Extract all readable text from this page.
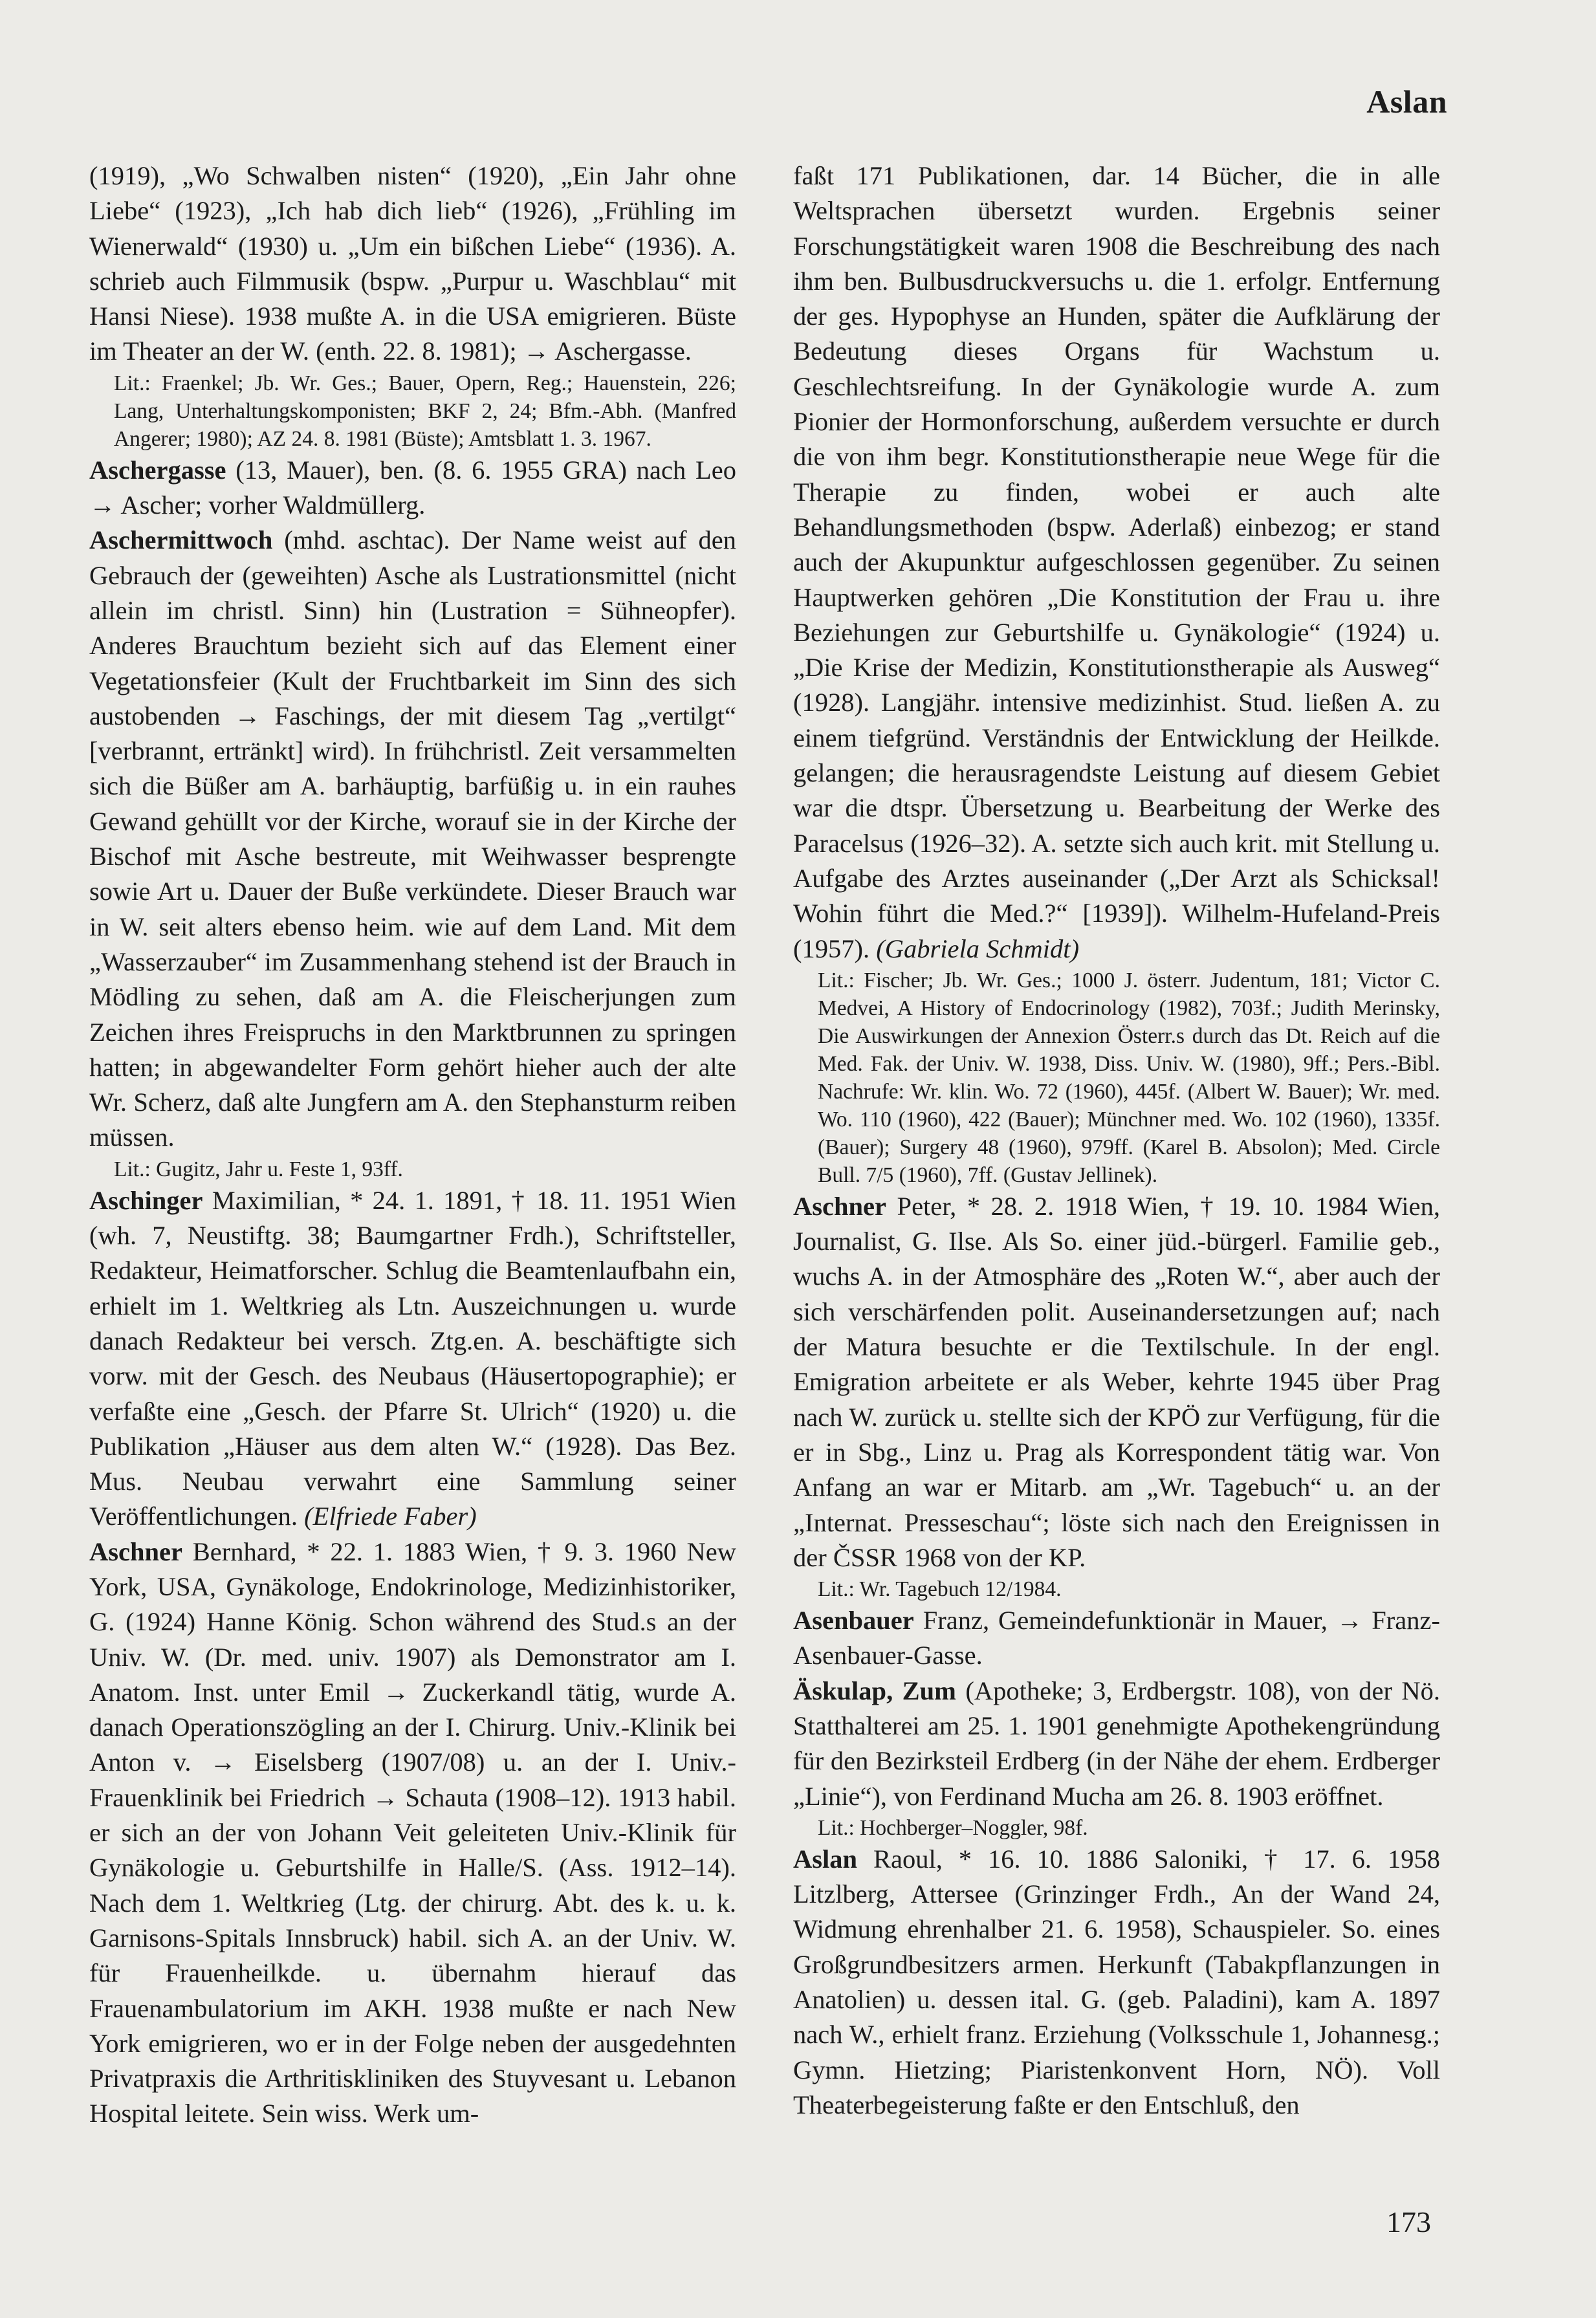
Aslan

(1919), „Wo Schwalben nisten“ (1920), „Ein Jahr ohne Liebe“ (1923), „Ich hab dich lieb“ (1926), „Frühling im Wienerwald“ (1930) u. „Um ein bißchen Liebe“ (1936). A. schrieb auch Filmmusik (bspw. „Purpur u. Waschblau“ mit Hansi Niese). 1938 mußte A. in die USA emigrieren. Büste im Theater an der W. (enth. 22. 8. 1981); → Aschergasse.

Lit.: Fraenkel; Jb. Wr. Ges.; Bauer, Opern, Reg.; Hauenstein, 226; Lang, Unterhaltungskomponisten; BKF 2, 24; Bfm.-Abh. (Manfred Angerer; 1980); AZ 24. 8. 1981 (Büste); Amtsblatt 1. 3. 1967.

Aschergasse (13, Mauer), ben. (8. 6. 1955 GRA) nach Leo → Ascher; vorher Waldmüllerg.

Aschermittwoch (mhd. aschtac). Der Name weist auf den Gebrauch der (geweihten) Asche als Lustrationsmittel (nicht allein im christl. Sinn) hin (Lustration = Sühneopfer). Anderes Brauchtum bezieht sich auf das Element einer Vegetationsfeier (Kult der Fruchtbarkeit im Sinn des sich austobenden → Faschings, der mit diesem Tag „vertilgt“ [verbrannt, ertränkt] wird). In frühchristl. Zeit versammelten sich die Büßer am A. barhäuptig, barfüßig u. in ein rauhes Gewand gehüllt vor der Kirche, worauf sie in der Kirche der Bischof mit Asche bestreute, mit Weihwasser besprengte sowie Art u. Dauer der Buße verkündete. Dieser Brauch war in W. seit alters ebenso heim. wie auf dem Land. Mit dem „Wasserzauber“ im Zusammenhang stehend ist der Brauch in Mödling zu sehen, daß am A. die Fleischerjungen zum Zeichen ihres Freispruchs in den Marktbrunnen zu springen hatten; in abgewandelter Form gehört hieher auch der alte Wr. Scherz, daß alte Jungfern am A. den Stephansturm reiben müssen.

Lit.: Gugitz, Jahr u. Feste 1, 93ff.

Aschinger Maximilian, * 24. 1. 1891, † 18. 11. 1951 Wien (wh. 7, Neustiftg. 38; Baumgartner Frdh.), Schriftsteller, Redakteur, Heimatforscher. Schlug die Beamtenlaufbahn ein, erhielt im 1. Weltkrieg als Ltn. Auszeichnungen u. wurde danach Redakteur bei versch. Ztg.en. A. beschäftigte sich vorw. mit der Gesch. des Neubaus (Häusertopographie); er verfaßte eine „Gesch. der Pfarre St. Ulrich“ (1920) u. die Publikation „Häuser aus dem alten W.“ (1928). Das Bez. Mus. Neubau verwahrt eine Sammlung seiner Veröffentlichungen. (Elfriede Faber)

Aschner Bernhard, * 22. 1. 1883 Wien, † 9. 3. 1960 New York, USA, Gynäkologe, Endokrinologe, Medizinhistoriker, G. (1924) Hanne König. Schon während des Stud.s an der Univ. W. (Dr. med. univ. 1907) als Demonstrator am I. Anatom. Inst. unter Emil → Zuckerkandl tätig, wurde A. danach Operationszögling an der I. Chirurg. Univ.-Klinik bei Anton v. → Eiselsberg (1907/08) u. an der I. Univ.-Frauenklinik bei Friedrich → Schauta (1908–12). 1913 habil. er sich an der von Johann Veit geleiteten Univ.-Klinik für Gynäkologie u. Geburtshilfe in Halle/S. (Ass. 1912–14). Nach dem 1. Weltkrieg (Ltg. der chirurg. Abt. des k. u. k. Garnisons-Spitals Innsbruck) habil. sich A. an der Univ. W. für Frauenheilkde. u. übernahm hierauf das Frauenambulatorium im AKH. 1938 mußte er nach New York emigrieren, wo er in der Folge neben der ausgedehnten Privatpraxis die Arthritiskliniken des Stuyvesant u. Lebanon Hospital leitete. Sein wiss. Werk um-

faßt 171 Publikationen, dar. 14 Bücher, die in alle Weltsprachen übersetzt wurden. Ergebnis seiner Forschungstätigkeit waren 1908 die Beschreibung des nach ihm ben. Bulbusdruckversuchs u. die 1. erfolgr. Entfernung der ges. Hypophyse an Hunden, später die Aufklärung der Bedeutung dieses Organs für Wachstum u. Geschlechtsreifung. In der Gynäkologie wurde A. zum Pionier der Hormonforschung, außerdem versuchte er durch die von ihm begr. Konstitutionstherapie neue Wege für die Therapie zu finden, wobei er auch alte Behandlungsmethoden (bspw. Aderlaß) einbezog; er stand auch der Akupunktur aufgeschlossen gegenüber. Zu seinen Hauptwerken gehören „Die Konstitution der Frau u. ihre Beziehungen zur Geburtshilfe u. Gynäkologie“ (1924) u. „Die Krise der Medizin, Konstitutionstherapie als Ausweg“ (1928). Langjähr. intensive medizinhist. Stud. ließen A. zu einem tiefgründ. Verständnis der Entwicklung der Heilkde. gelangen; die herausragendste Leistung auf diesem Gebiet war die dtspr. Übersetzung u. Bearbeitung der Werke des Paracelsus (1926–32). A. setzte sich auch krit. mit Stellung u. Aufgabe des Arztes auseinander („Der Arzt als Schicksal! Wohin führt die Med.?“ [1939]). Wilhelm-Hufeland-Preis (1957). (Gabriela Schmidt)

Lit.: Fischer; Jb. Wr. Ges.; 1000 J. österr. Judentum, 181; Victor C. Medvei, A History of Endocrinology (1982), 703f.; Judith Merinsky, Die Auswirkungen der Annexion Österr.s durch das Dt. Reich auf die Med. Fak. der Univ. W. 1938, Diss. Univ. W. (1980), 9ff.; Pers.-Bibl. Nachrufe: Wr. klin. Wo. 72 (1960), 445f. (Albert W. Bauer); Wr. med. Wo. 110 (1960), 422 (Bauer); Münchner med. Wo. 102 (1960), 1335f. (Bauer); Surgery 48 (1960), 979ff. (Karel B. Absolon); Med. Circle Bull. 7/5 (1960), 7ff. (Gustav Jellinek).

Aschner Peter, * 28. 2. 1918 Wien, † 19. 10. 1984 Wien, Journalist, G. Ilse. Als So. einer jüd.-bürgerl. Familie geb., wuchs A. in der Atmosphäre des „Roten W.“, aber auch der sich verschärfenden polit. Auseinandersetzungen auf; nach der Matura besuchte er die Textilschule. In der engl. Emigration arbeitete er als Weber, kehrte 1945 über Prag nach W. zurück u. stellte sich der KPÖ zur Verfügung, für die er in Sbg., Linz u. Prag als Korrespondent tätig war. Von Anfang an war er Mitarb. am „Wr. Tagebuch“ u. an der „Internat. Presseschau“; löste sich nach den Ereignissen in der ČSSR 1968 von der KP.

Lit.: Wr. Tagebuch 12/1984.

Asenbauer Franz, Gemeindefunktionär in Mauer, → Franz-Asenbauer-Gasse.

Äskulap, Zum (Apotheke; 3, Erdbergstr. 108), von der Nö. Statthalterei am 25. 1. 1901 genehmigte Apothekengründung für den Bezirksteil Erdberg (in der Nähe der ehem. Erdberger „Linie“), von Ferdinand Mucha am 26. 8. 1903 eröffnet.

Lit.: Hochberger–Noggler, 98f.

Aslan Raoul, * 16. 10. 1886 Saloniki, † 17. 6. 1958 Litzlberg, Attersee (Grinzinger Frdh., An der Wand 24, Widmung ehrenhalber 21. 6. 1958), Schauspieler. So. eines Großgrundbesitzers armen. Herkunft (Tabakpflanzungen in Anatolien) u. dessen ital. G. (geb. Paladini), kam A. 1897 nach W., erhielt franz. Erziehung (Volksschule 1, Johannesg.; Gymn. Hietzing; Piaristenkonvent Horn, NÖ). Voll Theaterbegeisterung faßte er den Entschluß, den

173
